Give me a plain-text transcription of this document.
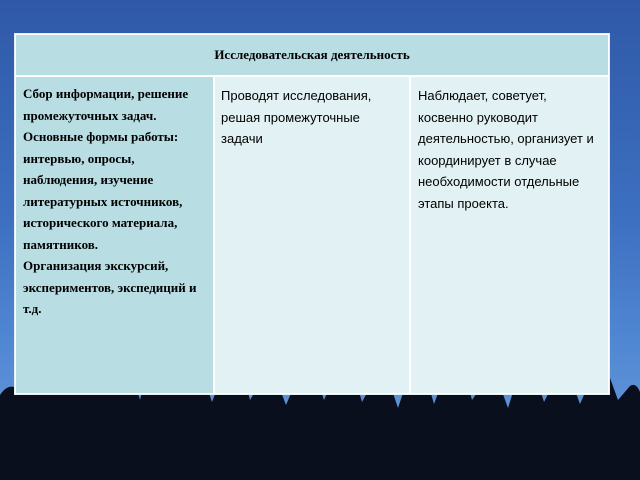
Исследовательская деятельность

Сбор информации, решение промежуточных задач.

Основные формы работы:

интервью, опросы, наблюдения, изучение литературных источников, исторического материала, памятников.

Организация экскурсий, экспериментов, экспедиций и т.д.

Проводят исследования, решая промежуточные задачи
Наблюдает, советует, косвенно руководит деятельностью, организует и координирует в случае необходимости отдельные этапы проекта.
